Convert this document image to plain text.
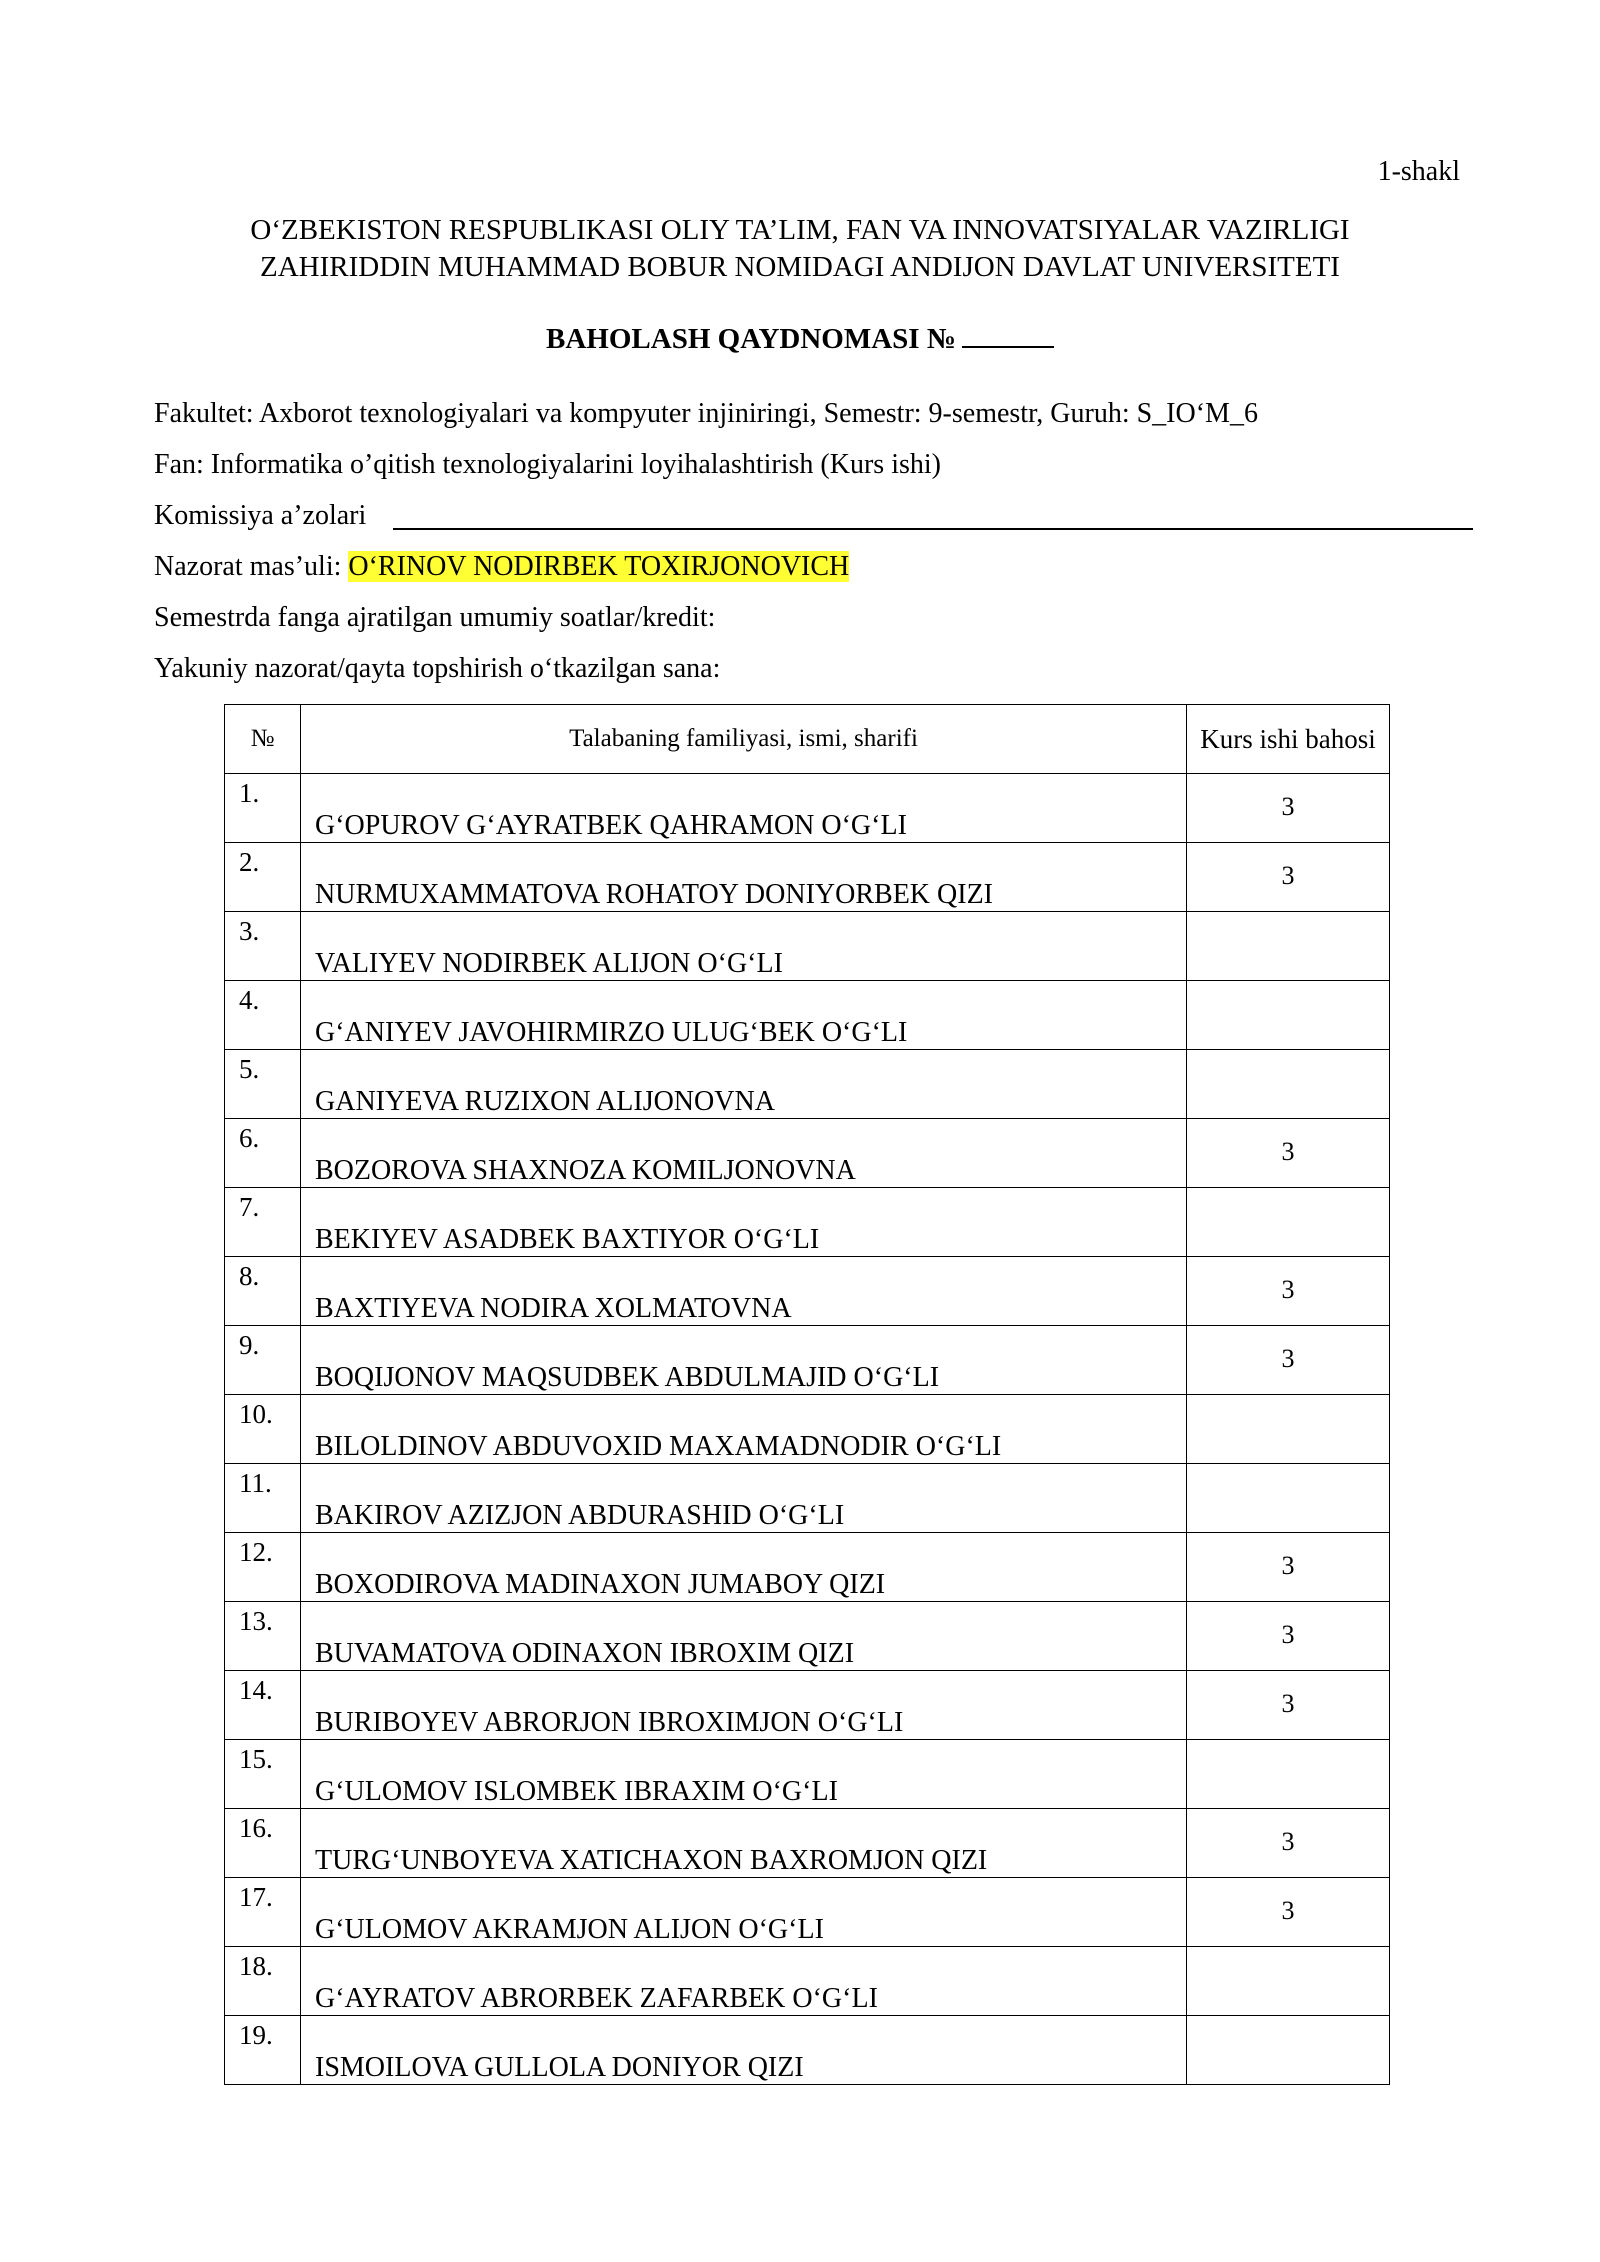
1-shakl
O‘ZBEKISTON RESPUBLIKASI OLIY TA’LIM, FAN VA INNOVATSIYALAR VAZIRLIGI
ZAHIRIDDIN MUHAMMAD BOBUR NOMIDAGI ANDIJON DAVLAT UNIVERSITETI
BAHOLASH QAYDNOMASI №
Fakultet: Axborot texnologiyalari va kompyuter injiniringi, Semestr: 9-semestr, Guruh: S_IO‘M_6
Fan: Informatika o’qitish texnologiyalarini loyihalashtirish (Kurs ishi)
Komissiya a’zolari
Nazorat mas’uli: O‘RINOV NODIRBEK TOXIRJONOVICH
Semestrda fanga ajratilgan umumiy soatlar/kredit:
Yakuniy nazorat/qayta topshirish o‘tkazilgan sana:
№	Talabaning familiyasi, ismi, sharifi	Kurs ishi bahosi

1.	G‘OPUROV G‘AYRATBEK QAHRAMON O‘G‘LI	3

2.	NURMUXAMMATOVA ROHATOY DONIYORBEK QIZI	3

3.	VALIYEV NODIRBEK ALIJON O‘G‘LI	

4.	G‘ANIYEV JAVOHIRMIRZO ULUG‘BEK O‘G‘LI	

5.	GANIYEVA RUZIXON ALIJONOVNA	

6.	BOZOROVA SHAXNOZA KOMILJONOVNA	3

7.	BEKIYEV ASADBEK BAXTIYOR O‘G‘LI	

8.	BAXTIYEVA NODIRA XOLMATOVNA	3

9.	BOQIJONOV MAQSUDBEK ABDULMAJID O‘G‘LI	3

10.	BILOLDINOV ABDUVOXID MAXAMADNODIR O‘G‘LI	

11.	BAKIROV AZIZJON ABDURASHID O‘G‘LI	

12.	BOXODIROVA MADINAXON JUMABOY QIZI	3

13.	BUVAMATOVA ODINAXON IBROXIM QIZI	3

14.	BURIBOYEV ABRORJON IBROXIMJON O‘G‘LI	3

15.	G‘ULOMOV ISLOMBEK IBRAXIM O‘G‘LI	

16.	TURG‘UNBOYEVA XATICHAXON BAXROMJON QIZI	3

17.	G‘ULOMOV AKRAMJON ALIJON O‘G‘LI	3

18.	G‘AYRATOV ABRORBEK ZAFARBEK O‘G‘LI	

19.	ISMOILOVA GULLOLA DONIYOR QIZI	
